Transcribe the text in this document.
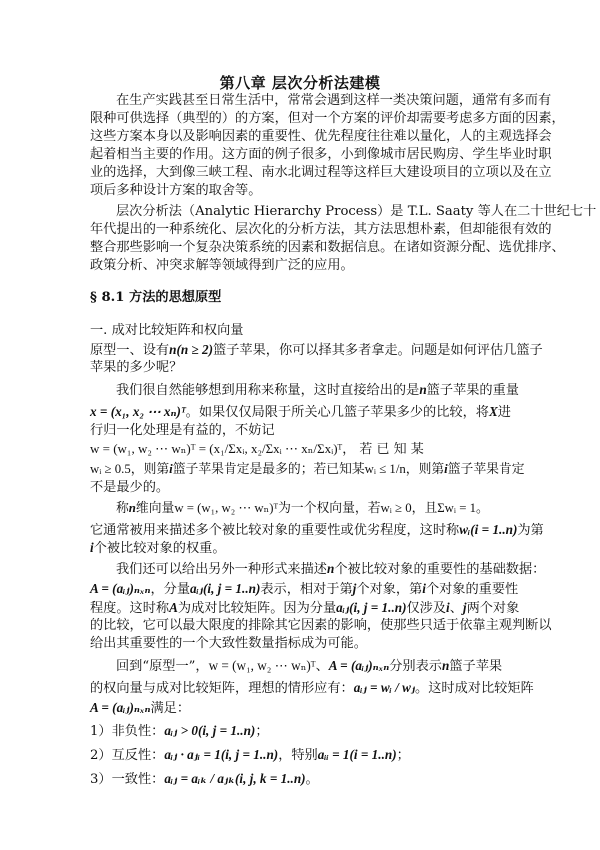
第八章 层次分析法建模
在生产实践甚至日常生活中，常常会遇到这样一类决策问题，通常有多而有
限种可供选择（典型的）的方案，但对一个方案的评价却需要考虑多方面的因素，
这些方案本身以及影响因素的重要性、优先程度往往难以量化，人的主观选择会
起着相当主要的作用。这方面的例子很多，小到像城市居民购房、学生毕业时职
业的选择，大到像三峡工程、南水北调过程等这样巨大建设项目的立项以及在立
项后多种设计方案的取舍等。
层次分析法（Analytic Hierarchy Process）是 T.L. Saaty 等人在二十世纪七十
年代提出的一种系统化、层次化的分析方法，其方法思想朴素，但却能很有效的
整合那些影响一个复杂决策系统的因素和数据信息。在诸如资源分配、选优排序、
政策分析、冲突求解等领域得到广泛的应用。
§ 8.1 方法的思想原型
一. 成对比较矩阵和权向量
原型一、设有n(n ≥ 2)篮子苹果，你可以择其多者拿走。问题是如何评估几篮子
苹果的多少呢？
我们很自然能够想到用称来称量，这时直接给出的是n篮子苹果的重量
x = (x₁, x₂ ⋯ xₙ)ᵀ。如果仅仅局限于所关心几篮子苹果多少的比较，将X进
行归一化处理是有益的，不妨记
w = (w₁, w₂ ⋯ wₙ)ᵀ = (x₁/Σxᵢ, x₂/Σxᵢ ⋯ xₙ/Σxᵢ)ᵀ， 若 已 知 某
wᵢ ≥ 0.5，则第i篮子苹果肯定是最多的；若已知某wᵢ ≤ 1/n，则第i篮子苹果肯定
不是最少的。
称n维向量w = (w₁, w₂ ⋯ wₙ)ᵀ为一个权向量，若wᵢ ≥ 0，且Σwᵢ = 1。
它通常被用来描述多个被比较对象的重要性或优劣程度，这时称wᵢ(i = 1..n)为第
i个被比较对象的权重。
我们还可以给出另外一种形式来描述n个被比较对象的重要性的基础数据：
A = (aᵢⱼ)ₙₓₙ，分量aᵢⱼ(i, j = 1..n)表示，相对于第j个对象，第i个对象的重要性
程度。这时称A为成对比较矩阵。因为分量aᵢⱼ(i, j = 1..n)仅涉及i、j两个对象
的比较，它可以最大限度的排除其它因素的影响，使那些只适于依靠主观判断以
给出其重要性的一个大致性数量指标成为可能。
回到“原型一”，w = (w₁, w₂ ⋯ wₙ)ᵀ、A = (aᵢⱼ)ₙₓₙ分别表示n篮子苹果
的权向量与成对比较矩阵，理想的情形应有：aᵢⱼ = wᵢ / wⱼ。这时成对比较矩阵
A = (aᵢⱼ)ₙₓₙ满足：
1）非负性：aᵢⱼ > 0(i, j = 1..n)；
2）互反性：aᵢⱼ · aⱼᵢ = 1(i, j = 1..n)，特别aᵢᵢ = 1(i = 1..n)；
3）一致性：aᵢⱼ = aᵢₖ / aⱼₖ(i, j, k = 1..n)。
